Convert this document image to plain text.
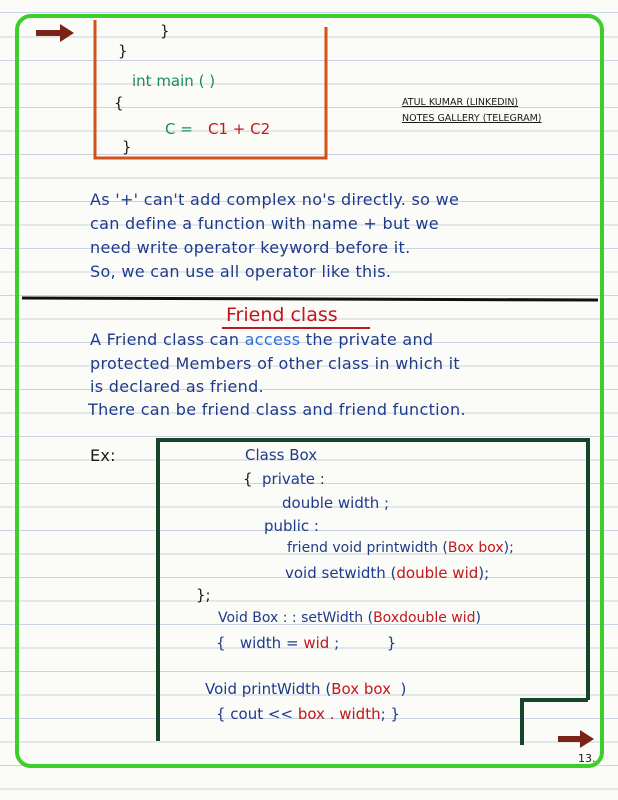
}
}
int main ( )
{
C = C1 + C2
}
ATUL KUMAR (LINKEDIN)
NOTES GALLERY (TELEGRAM)
As '+' can't add complex no's directly. so we
can define a function with name + but we
need write operator keyword before it.
So, we can use all operator like this.
Friend class
A Friend class can access the private and
protected Members of other class in which it
is declared as friend.
There can be friend class and friend function.
Ex:	Class Box
{ private :
double width ;
public :
friend void printwidth (Box box);
void setwidth (double wid);
};
Void Box : : setWidth (Boxdouble wid)
{   width = wid ;          }
Void printWidth (Box box )
{ cout << box . width; }
13.
